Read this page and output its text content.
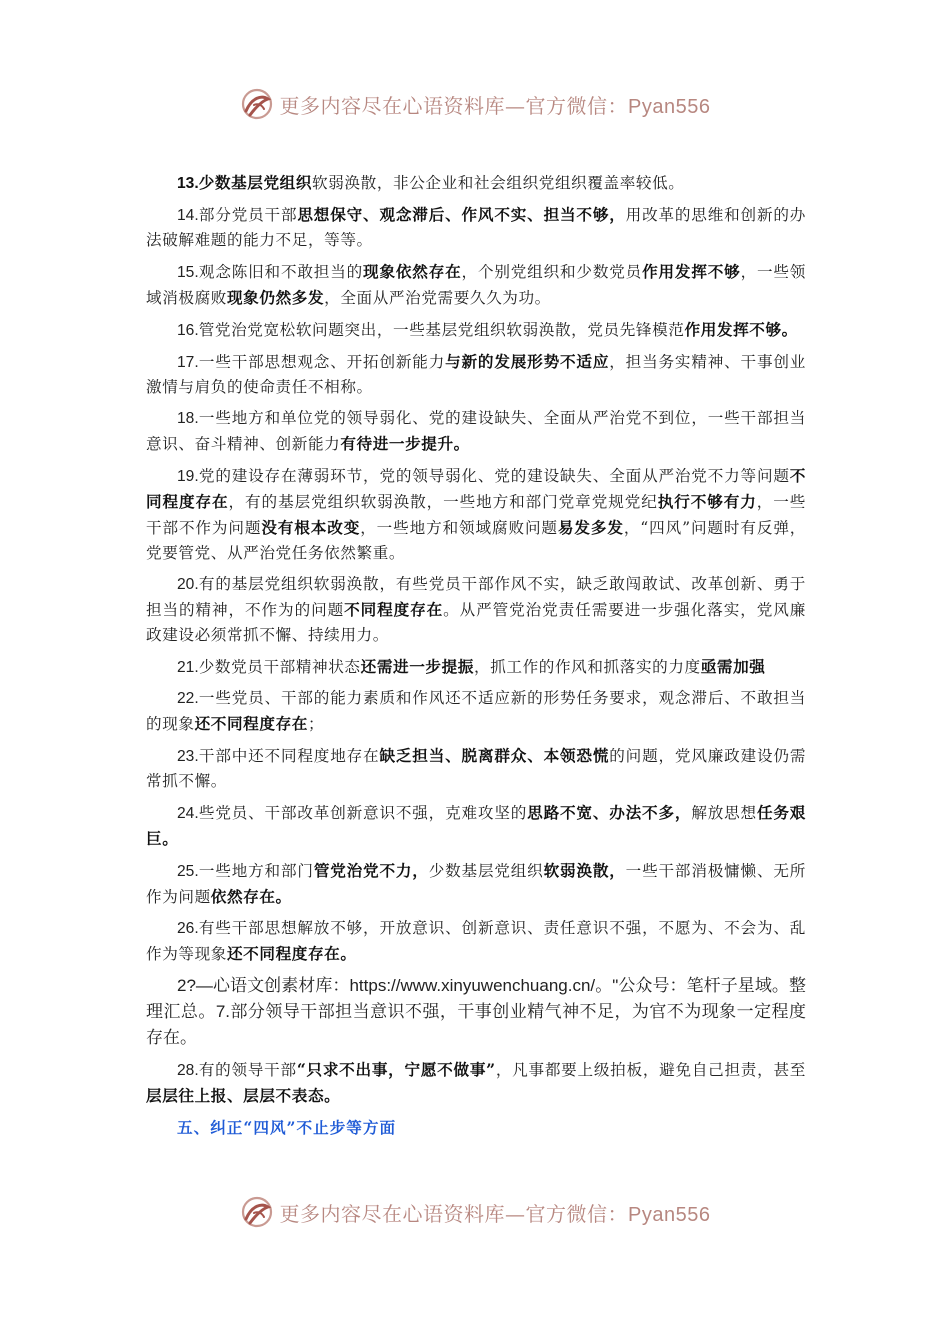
更多内容尽在心语资料库—官方微信：Pyan556

13.少数基层党组织软弱涣散，非公企业和社会组织党组织覆盖率较低。

14.部分党员干部思想保守、观念滞后、作风不实、担当不够，用改革的思维和创新的办法破解难题的能力不足，等等。

15.观念陈旧和不敢担当的现象依然存在，个别党组织和少数党员作用发挥不够，一些领域消极腐败现象仍然多发，全面从严治党需要久久为功。

16.管党治党宽松软问题突出，一些基层党组织软弱涣散，党员先锋模范作用发挥不够。

17.一些干部思想观念、开拓创新能力与新的发展形势不适应，担当务实精神、干事创业激情与肩负的使命责任不相称。

18.一些地方和单位党的领导弱化、党的建设缺失、全面从严治党不到位，一些干部担当意识、奋斗精神、创新能力有待进一步提升。

19.党的建设存在薄弱环节，党的领导弱化、党的建设缺失、全面从严治党不力等问题不同程度存在，有的基层党组织软弱涣散，一些地方和部门党章党规党纪执行不够有力，一些干部不作为问题没有根本改变，一些地方和领域腐败问题易发多发，“四风”问题时有反弹，党要管党、从严治党任务依然繁重。

20.有的基层党组织软弱涣散，有些党员干部作风不实，缺乏敢闯敢试、改革创新、勇于担当的精神，不作为的问题不同程度存在。从严管党治党责任需要进一步强化落实，党风廉政建设必须常抓不懈、持续用力。

21.少数党员干部精神状态还需进一步提振，抓工作的作风和抓落实的力度亟需加强

22.一些党员、干部的能力素质和作风还不适应新的形势任务要求，观念滞后、不敢担当的现象还不同程度存在；

23.干部中还不同程度地存在缺乏担当、脱离群众、本领恐慌的问题，党风廉政建设仍需常抓不懈。

24.些党员、干部改革创新意识不强，克难攻坚的思路不宽、办法不多，解放思想任务艰巨。

25.一些地方和部门管党治党不力，少数基层党组织软弱涣散，一些干部消极慵懒、无所作为问题依然存在。

26.有些干部思想解放不够，开放意识、创新意识、责任意识不强，不愿为、不会为、乱作为等现象还不同程度存在。

2?—心语文创素材库：https://www.xinyuwenchuang.cn/。"公众号：笔杆子星域。整理汇总。7.部分领导干部担当意识不强，干事创业精气神不足，为官不为现象一定程度存在。

28.有的领导干部“只求不出事，宁愿不做事”，凡事都要上级拍板，避免自己担责，甚至层层往上报、层层不表态。

五、纠正“四风”不止步等方面
更多内容尽在心语资料库—官方微信：Pyan556
